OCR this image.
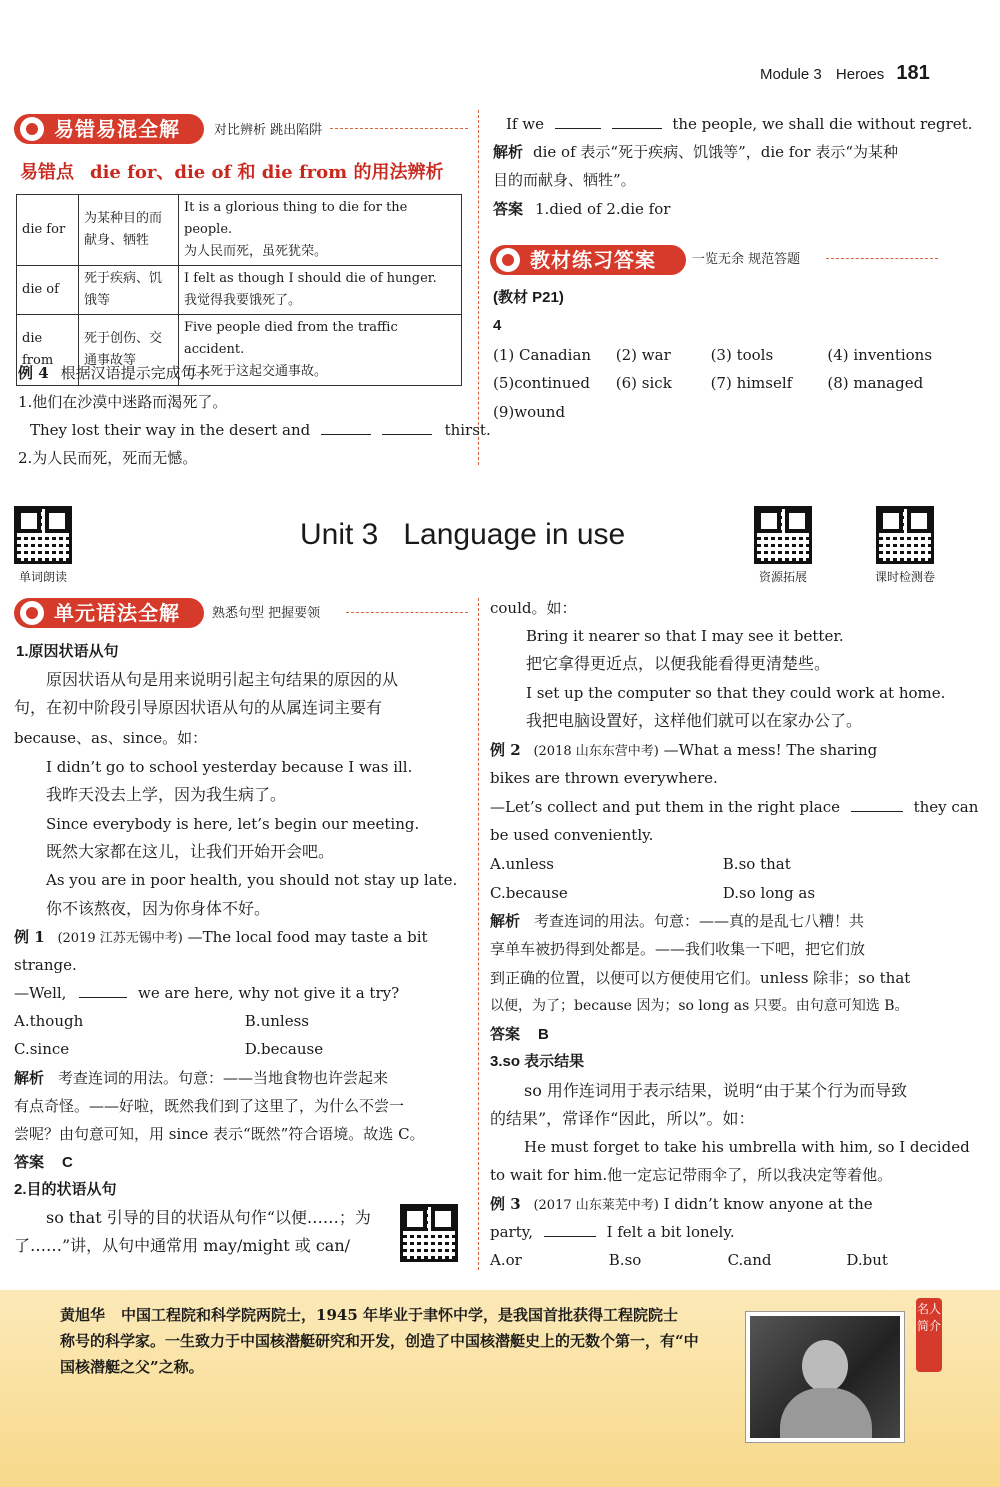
Module 3 Heroes 181
易错易混全解	对比辨析 跳出陷阱
易错点 die for、die of 和 die from 的用法辨析
die for	为某种目的而献身、牺牲	It is a glorious thing to die for the people.
为人民而死，虽死犹荣。

die of	死于疾病、饥饿等	I felt as though I should die of hunger.
我觉得我要饿死了。

die from	死于创伤、交通事故等	Five people died from the traffic accident.
五人死于这起交通事故。
例 4 根据汉语提示完成句子
1.他们在沙漠中迷路而渴死了。
They lost their way in the desert and	thirst.
2.为人民而死，死而无憾。
If we	the people, we shall die without regret.
解析 die of 表示“死于疾病、饥饿等”，die for 表示“为某种
目的而献身、牺牲”。
答案 1.died of 2.die for
教材练习答案	一览无余 规范答题
(教材 P21)
4
(1) Canadian (2) war	(3) tools	(4) inventions
(5)continued (6) sick	(7) himself (8) managed
(9)wound
单词朗读
Unit 3   Language in use
资源拓展	课时检测卷
单元语法全解	熟悉句型 把握要领
1.原因状语从句
原因状语从句是用来说明引起主句结果的原因的从
句，在初中阶段引导原因状语从句的从属连词主要有
because、as、since。如：
I didn’t go to school yesterday because I was ill.
我昨天没去上学，因为我生病了。
Since everybody is here, let’s begin our meeting.
既然大家都在这儿，让我们开始开会吧。
As you are in poor health, you should not stay up late.
你不该熬夜，因为你身体不好。
例 1 (2019 江苏无锡中考) —The local food may taste a bit
strange.
—Well,	we are here, why not give it a try?
A.though	B.unless
C.since	D.because
解析 考查连词的用法。句意：——当地食物也许尝起来
有点奇怪。——好啦，既然我们到了这里了，为什么不尝一
尝呢？由句意可知，用 since 表示“既然”符合语境。故选 C。
答案 C
2.目的状语从句
so that 引导的目的状语从句作“以便……；为
了……”讲，从句中通常用 may/might 或 can/
could。如：
Bring it nearer so that I may see it better.
把它拿得更近点，以便我能看得更清楚些。
I set up the computer so that they could work at home.
我把电脑设置好，这样他们就可以在家办公了。
例 2 (2018 山东东营中考) —What a mess! The sharing
bikes are thrown everywhere.
—Let’s collect and put them in the right place	they can
be used conveniently.
A.unless	B.so that
C.because	D.so long as
解析 考查连词的用法。句意：——真的是乱七八糟！共
享单车被扔得到处都是。——我们收集一下吧，把它们放
到正确的位置，以便可以方便使用它们。unless 除非；so that
以便，为了；because 因为；so long as 只要。由句意可知选 B。
答案 B
3.so 表示结果
so 用作连词用于表示结果，说明“由于某个行为而导致
的结果”，常译作“因此，所以”。如：
He must forget to take his umbrella with him, so I decided
to wait for him.他一定忘记带雨伞了，所以我决定等着他。
例 3 (2017 山东莱芜中考) I didn’t know anyone at the
party,	I felt a bit lonely.
A.or	B.so	C.and	D.but
黄旭华 中国工程院和科学院两院士，1945 年毕业于聿怀中学，是我国首批获得工程院院士
称号的科学家。一生致力于中国核潜艇研究和开发，创造了中国核潜艇史上的无数个第一，有“中
国核潜艇之父”之称。
名人简介
